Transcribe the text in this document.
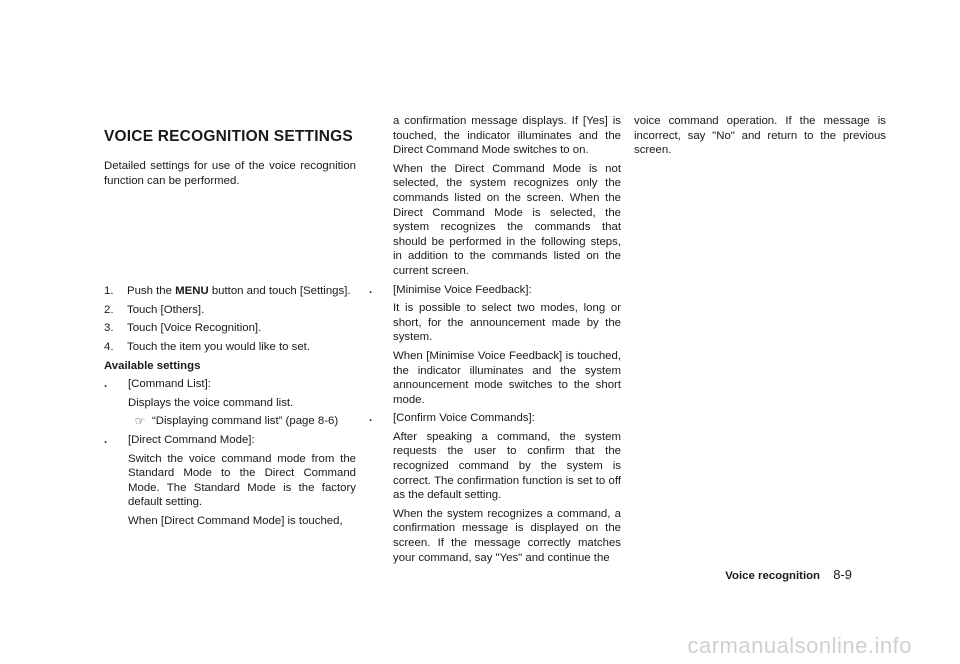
VOICE RECOGNITION SETTINGS

Detailed settings for use of the voice recognition function can be performed.

1.	Push the MENU button and touch [Settings].
2.	Touch [Others].
3.	Touch [Voice Recognition].
4.	Touch the item you would like to set.
Available settings
.	[Command List]:

Displays the voice command list.

☞ “Displaying command list” (page 8-6)
.	[Direct Command Mode]:

Switch the voice command mode from the Standard Mode to the Direct Command Mode. The Standard Mode is the factory default setting.

When [Direct Command Mode] is touched,

a confirmation message displays. If [Yes] is touched, the indicator illuminates and the Direct Command Mode switches to on.

When the Direct Command Mode is not selected, the system recognizes only the commands listed on the screen. When the Direct Command Mode is selected, the system recognizes the commands that should be performed in the following steps, in addition to the commands listed on the current screen.

.	[Minimise Voice Feedback]:

It is possible to select two modes, long or short, for the announcement made by the system.

When [Minimise Voice Feedback] is touched, the indicator illuminates and the system announcement mode switches to the short mode.

.	[Confirm Voice Commands]:

After speaking a command, the system requests the user to confirm that the recognized command by the system is correct. The confirmation function is set to off as the default setting.

When the system recognizes a command, a confirmation message is displayed on the screen. If the message correctly matches your command, say "Yes" and continue the

voice command operation. If the message is incorrect, say "No" and return to the previous screen.

Voice recognition 8-9
carmanualsonline.info
